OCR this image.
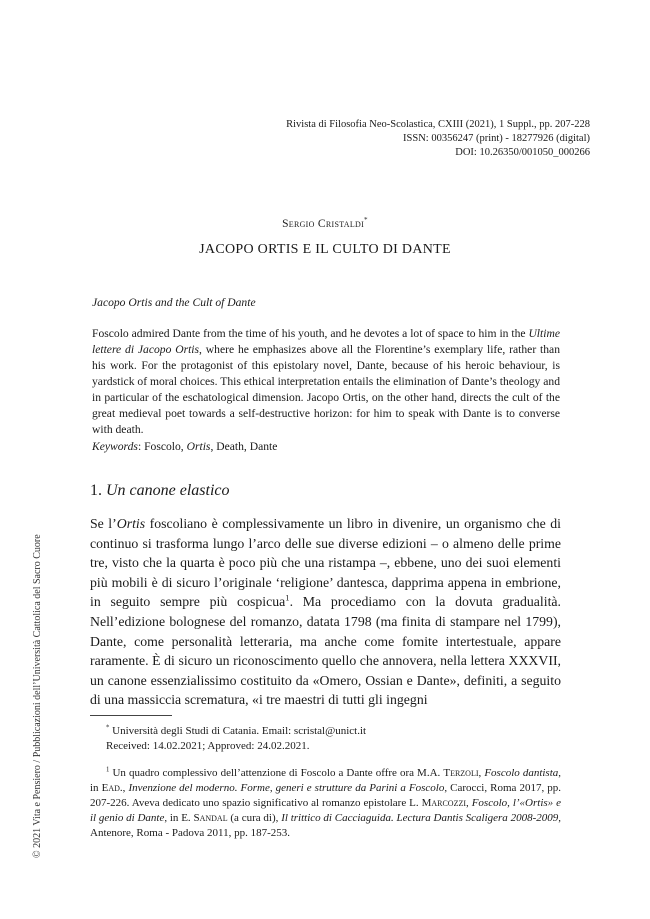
Rivista di Filosofia Neo-Scolastica, CXIII (2021), 1 Suppl., pp. 207-228
ISSN: 00356247 (print) - 18277926 (digital)
DOI: 10.26350/001050_000266
Sergio Cristaldi*
JACOPO ORTIS E IL CULTO DI DANTE
Jacopo Ortis and the Cult of Dante
Foscolo admired Dante from the time of his youth, and he devotes a lot of space to him in the Ultime lettere di Jacopo Ortis, where he emphasizes above all the Florentine’s exemplary life, rather than his work. For the protagonist of this epistolary novel, Dante, because of his heroic behaviour, is yardstick of moral choices. This ethical interpretation entails the elimination of Dante’s theology and in particular of the eschatological dimension. Jacopo Ortis, on the other hand, directs the cult of the great medieval poet towards a self-destructive horizon: for him to speak with Dante is to converse with death.
Keywords: Foscolo, Ortis, Death, Dante
© 2021 Vita e Pensiero / Pubblicazioni dell’Università Cattolica del Sacro Cuore
1. Un canone elastico

Se l’Ortis foscoliano è complessivamente un libro in divenire, un organismo che di continuo si trasforma lungo l’arco delle sue diverse edizioni – o almeno delle prime tre, visto che la quarta è poco più che una ristampa –, ebbene, uno dei suoi elementi più mobili è di sicuro l’originale ‘religione’ dantesca, dapprima appena in embrione, in seguito sempre più cospicua$^1$. Ma procediamo con la dovuta gradualità. Nell’edizione bolognese del romanzo, datata 1798 (ma finita di stampare nel 1799), Dante, come personalità letteraria, ma anche come fomite intertestuale, appare raramente. È di sicuro un riconoscimento quello che annovera, nella lettera XXXVII, un canone essenzialissimo costituito da «Omero, Ossian e Dante», definiti, a seguito di una massiccia scrematura, «i tre maestri di tutti gli ingegni

* Università degli Studi di Catania. Email: scristal@unict.it
Received: 14.02.2021; Approved: 24.02.2021.
$^1$ Un quadro complessivo dell’attenzione di Foscolo a Dante offre ora M.A. Terzoli, Foscolo dantista, in Ead., Invenzione del moderno. Forme, generi e strutture da Parini a Foscolo, Carocci, Roma 2017, pp. 207-226. Aveva dedicato uno spazio significativo al romanzo epistolare L. Marcozzi, Foscolo, l’«Ortis» e il genio di Dante, in E. Sandal (a cura di), Il trittico di Cacciaguida. Lectura Dantis Scaligera 2008-2009, Antenore, Roma - Padova 2011, pp. 187-253.
